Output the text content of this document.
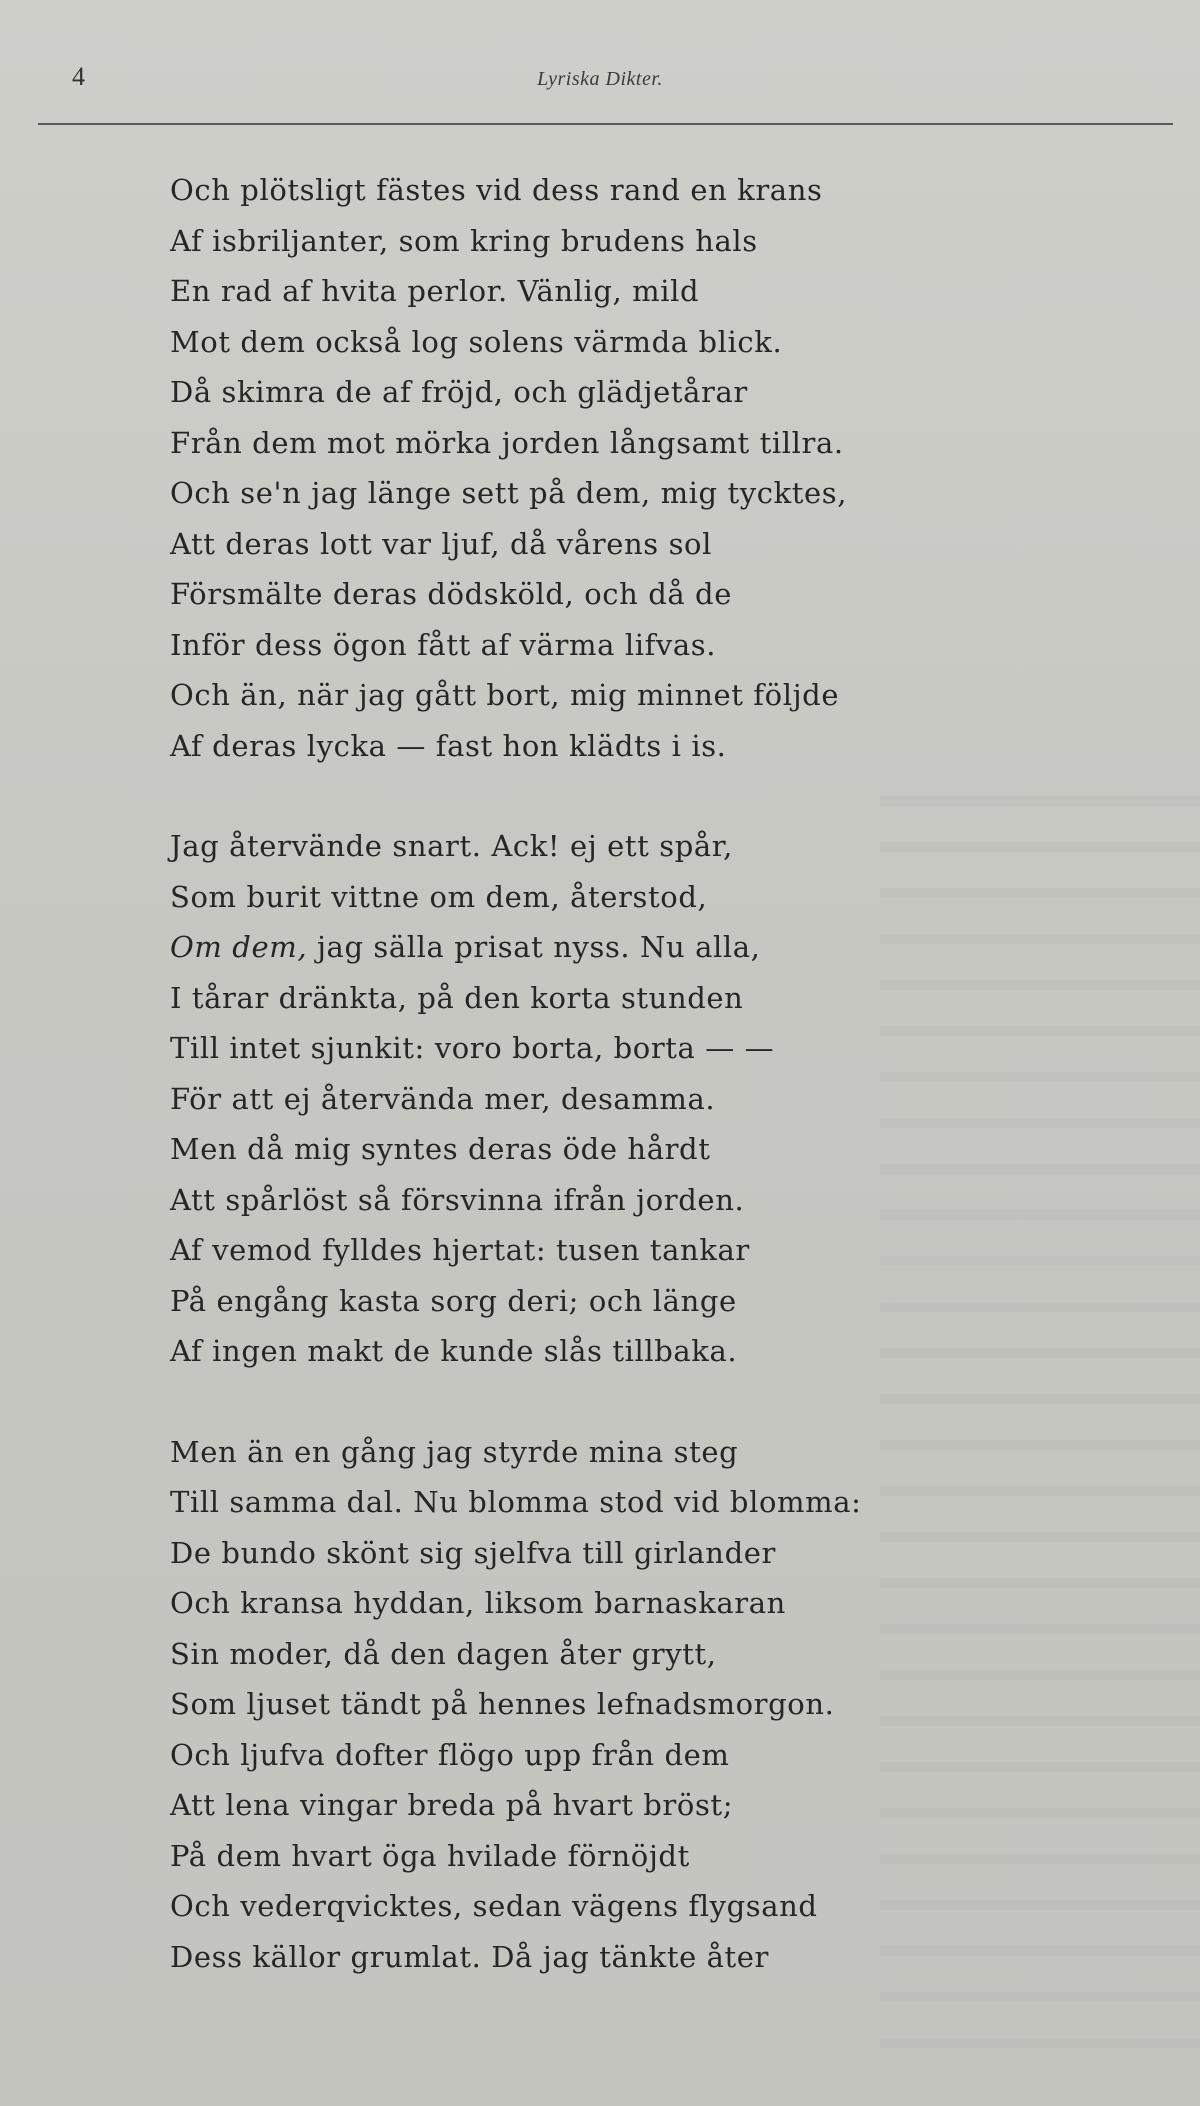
4	Lyriska Dikter.
Och plötsligt fästes vid dess rand en krans
Af isbriljanter, som kring brudens hals
En rad af hvita perlor. Vänlig, mild
Mot dem också log solens värmda blick.
Då skimra de af fröjd, och glädjetårar
Från dem mot mörka jorden långsamt tillra.
Och se'n jag länge sett på dem, mig tycktes,
Att deras lott var ljuf, då vårens sol
Försmälte deras dödsköld, och då de
Inför dess ögon fått af värma lifvas.
Och än, när jag gått bort, mig minnet följde
Af deras lycka — fast hon klädts i is.
Jag återvände snart. Ack! ej ett spår,
Som burit vittne om dem, återstod,
Om dem, jag sälla prisat nyss. Nu alla,
I tårar dränkta, på den korta stunden
Till intet sjunkit: voro borta, borta — —
För att ej återvända mer, desamma.
Men då mig syntes deras öde hårdt
Att spårlöst så försvinna ifrån jorden.
Af vemod fylldes hjertat: tusen tankar
På engång kasta sorg deri; och länge
Af ingen makt de kunde slås tillbaka.
Men än en gång jag styrde mina steg
Till samma dal. Nu blomma stod vid blomma:
De bundo skönt sig sjelfva till girlander
Och kransa hyddan, liksom barnaskaran
Sin moder, då den dagen åter grytt,
Som ljuset tändt på hennes lefnadsmorgon.
Och ljufva dofter flögo upp från dem
Att lena vingar breda på hvart bröst;
På dem hvart öga hvilade förnöjdt
Och vederqvicktes, sedan vägens flygsand
Dess källor grumlat. Då jag tänkte åter
